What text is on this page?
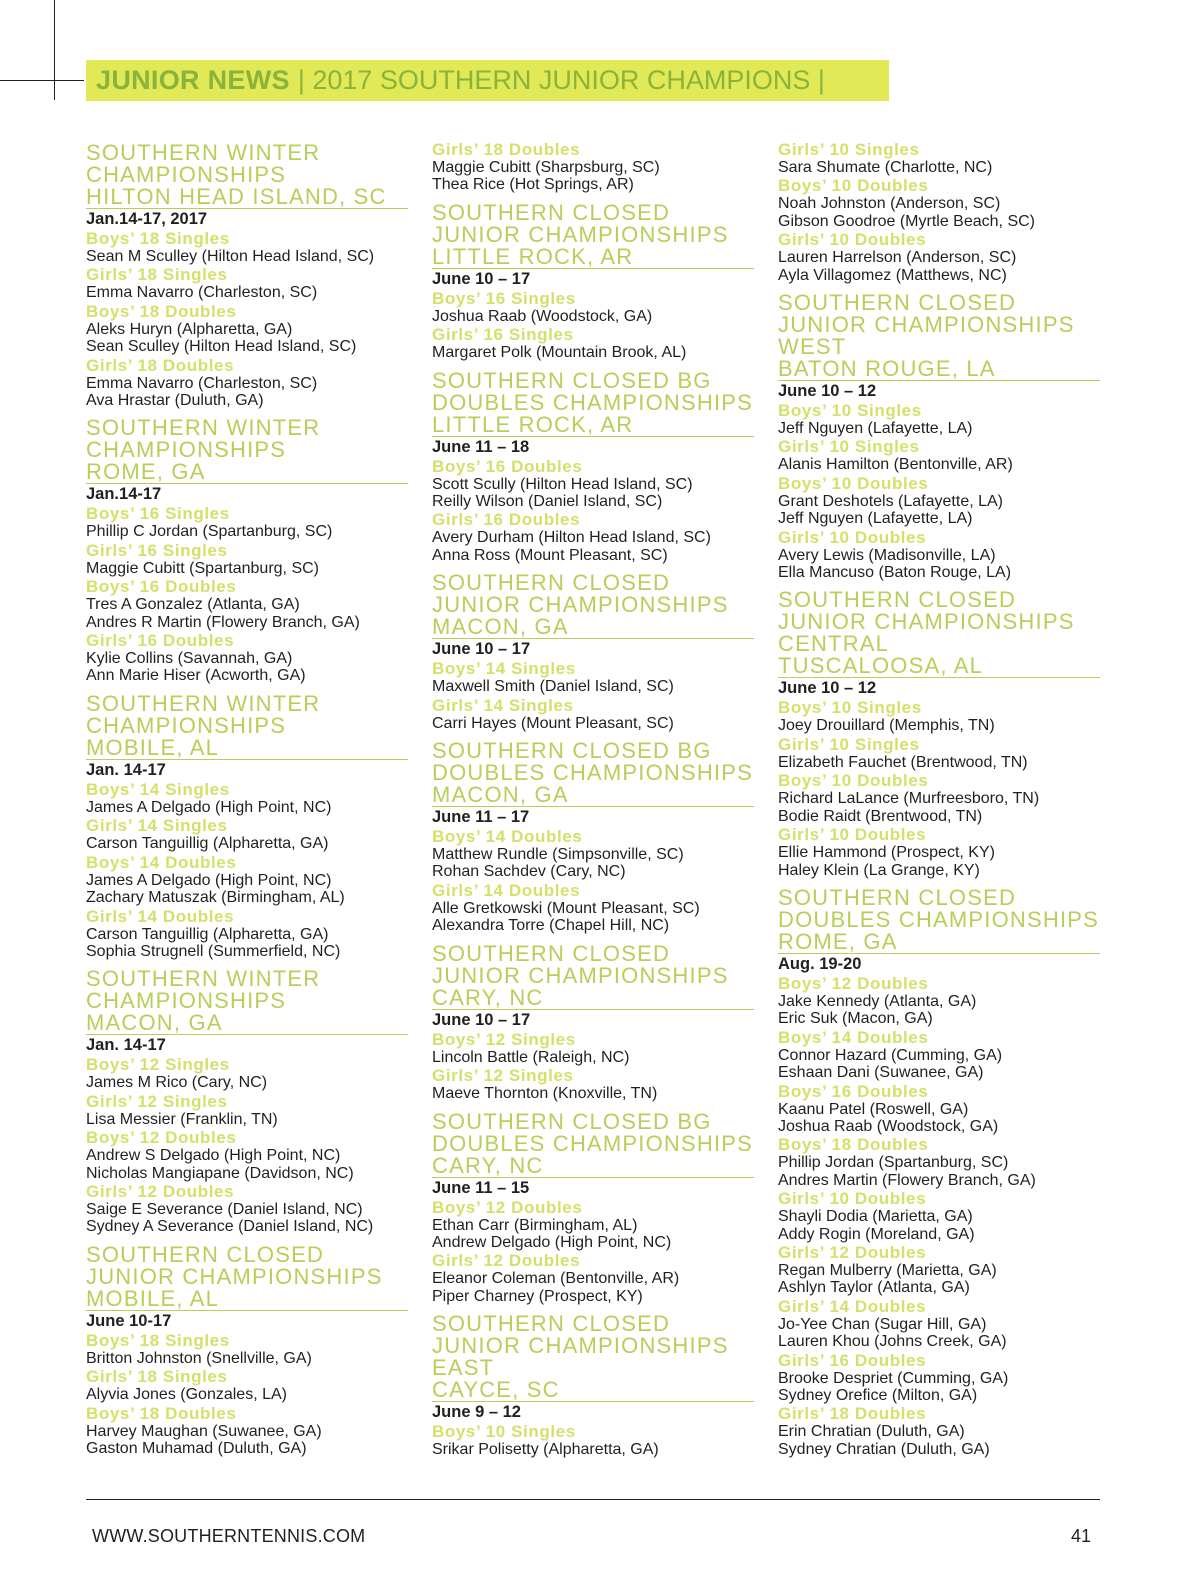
JUNIOR NEWS | 2017 SOUTHERN JUNIOR CHAMPIONS |
SOUTHERN WINTER
CHAMPIONSHIPS
HILTON HEAD ISLAND, SC
Jan.14-17, 2017
Boys’ 18 Singles
Sean M Sculley (Hilton Head Island, SC)
Girls’ 18 Singles
Emma Navarro (Charleston, SC)
Boys’ 18 Doubles
Aleks Huryn (Alpharetta, GA)
Sean Sculley (Hilton Head Island, SC)
Girls’ 18 Doubles
Emma Navarro (Charleston, SC)
Ava Hrastar (Duluth, GA)
SOUTHERN WINTER
CHAMPIONSHIPS
ROME, GA
Jan.14-17
Boys’ 16 Singles
Phillip C Jordan (Spartanburg, SC)
Girls’ 16 Singles
Maggie Cubitt (Spartanburg, SC)
Boys’ 16 Doubles
Tres A Gonzalez (Atlanta, GA)
Andres R Martin (Flowery Branch, GA)
Girls’ 16 Doubles
Kylie Collins (Savannah, GA)
Ann Marie Hiser (Acworth, GA)
SOUTHERN WINTER
CHAMPIONSHIPS
MOBILE, AL
Jan. 14-17
Boys’ 14 Singles
James A Delgado (High Point, NC)
Girls’ 14 Singles
Carson Tanguillig (Alpharetta, GA)
Boys’ 14 Doubles
James A Delgado (High Point, NC)
Zachary Matuszak (Birmingham, AL)
Girls’ 14 Doubles
Carson Tanguillig (Alpharetta, GA)
Sophia Strugnell (Summerfield, NC)
SOUTHERN WINTER
CHAMPIONSHIPS
MACON, GA
Jan. 14-17
Boys’ 12 Singles
James M Rico (Cary, NC)
Girls’ 12 Singles
Lisa Messier (Franklin, TN)
Boys’ 12 Doubles
Andrew S Delgado (High Point, NC)
Nicholas Mangiapane (Davidson, NC)
Girls’ 12 Doubles
Saige E Severance (Daniel Island, NC)
Sydney A Severance (Daniel Island, NC)
SOUTHERN CLOSED
JUNIOR CHAMPIONSHIPS
MOBILE, AL
June 10-17
Boys’ 18 Singles
Britton Johnston (Snellville, GA)
Girls’ 18 Singles
Alyvia Jones (Gonzales, LA)
Boys’ 18 Doubles
Harvey Maughan (Suwanee, GA)
Gaston Muhamad (Duluth, GA)
Girls’ 18 Doubles
Maggie Cubitt (Sharpsburg, SC)
Thea Rice (Hot Springs, AR)
SOUTHERN CLOSED
JUNIOR CHAMPIONSHIPS
LITTLE ROCK, AR
June 10 – 17
Boys’ 16 Singles
Joshua Raab (Woodstock, GA)
Girls’ 16 Singles
Margaret Polk (Mountain Brook, AL)
SOUTHERN CLOSED BG
DOUBLES CHAMPIONSHIPS
LITTLE ROCK, AR
June 11 – 18
Boys’ 16 Doubles
Scott Scully (Hilton Head Island, SC)
Reilly Wilson (Daniel Island, SC)
Girls’ 16 Doubles
Avery Durham (Hilton Head Island, SC)
Anna Ross (Mount Pleasant, SC)
SOUTHERN CLOSED
JUNIOR CHAMPIONSHIPS
MACON, GA
June 10 – 17
Boys’ 14 Singles
Maxwell Smith (Daniel Island, SC)
Girls’ 14 Singles
Carri Hayes (Mount Pleasant, SC)
SOUTHERN CLOSED BG
DOUBLES CHAMPIONSHIPS
MACON, GA
June 11 – 17
Boys’ 14 Doubles
Matthew Rundle (Simpsonville, SC)
Rohan Sachdev (Cary, NC)
Girls’ 14 Doubles
Alle Gretkowski (Mount Pleasant, SC)
Alexandra Torre (Chapel Hill, NC)
SOUTHERN CLOSED
JUNIOR CHAMPIONSHIPS
CARY, NC
June 10 – 17
Boys’ 12 Singles
Lincoln Battle (Raleigh, NC)
Girls’ 12 Singles
Maeve Thornton (Knoxville, TN)
SOUTHERN CLOSED BG
DOUBLES CHAMPIONSHIPS
CARY, NC
June 11 – 15
Boys’ 12 Doubles
Ethan Carr (Birmingham, AL)
Andrew Delgado (High Point, NC)
Girls’ 12 Doubles
Eleanor Coleman (Bentonville, AR)
Piper Charney (Prospect, KY)
SOUTHERN CLOSED
JUNIOR CHAMPIONSHIPS
EAST
CAYCE, SC
June 9 – 12
Boys’ 10 Singles
Srikar Polisetty (Alpharetta, GA)
Girls’ 10 Singles
Sara Shumate (Charlotte, NC)
Boys’ 10 Doubles
Noah Johnston (Anderson, SC)
Gibson Goodroe (Myrtle Beach, SC)
Girls’ 10 Doubles
Lauren Harrelson (Anderson, SC)
Ayla Villagomez (Matthews, NC)
SOUTHERN CLOSED
JUNIOR CHAMPIONSHIPS
WEST
BATON ROUGE, LA
June 10 – 12
Boys’ 10 Singles
Jeff Nguyen (Lafayette, LA)
Girls’ 10 Singles
Alanis Hamilton (Bentonville, AR)
Boys’ 10 Doubles
Grant Deshotels (Lafayette, LA)
Jeff Nguyen (Lafayette, LA)
Girls’ 10 Doubles
Avery Lewis (Madisonville, LA)
Ella Mancuso (Baton Rouge, LA)
SOUTHERN CLOSED
JUNIOR CHAMPIONSHIPS
CENTRAL
TUSCALOOSA, AL
June 10 – 12
Boys’ 10 Singles
Joey Drouillard (Memphis, TN)
Girls’ 10 Singles
Elizabeth Fauchet (Brentwood, TN)
Boys’ 10 Doubles
Richard LaLance (Murfreesboro, TN)
Bodie Raidt (Brentwood, TN)
Girls’ 10 Doubles
Ellie Hammond (Prospect, KY)
Haley Klein (La Grange, KY)
SOUTHERN CLOSED
DOUBLES CHAMPIONSHIPS
ROME, GA
Aug. 19-20
Boys’ 12 Doubles
Jake Kennedy (Atlanta, GA)
Eric Suk (Macon, GA)
Boys’ 14 Doubles
Connor Hazard (Cumming, GA)
Eshaan Dani (Suwanee, GA)
Boys’ 16 Doubles
Kaanu Patel (Roswell, GA)
Joshua Raab (Woodstock, GA)
Boys’ 18 Doubles
Phillip Jordan (Spartanburg, SC)
Andres Martin (Flowery Branch, GA)
Girls’ 10 Doubles
Shayli Dodia (Marietta, GA)
Addy Rogin (Moreland, GA)
Girls’ 12 Doubles
Regan Mulberry (Marietta, GA)
Ashlyn Taylor (Atlanta, GA)
Girls’ 14 Doubles
Jo-Yee Chan (Sugar Hill, GA)
Lauren Khou (Johns Creek, GA)
Girls’ 16 Doubles
Brooke Despriet (Cumming, GA)
Sydney Orefice (Milton, GA)
Girls’ 18 Doubles
Erin Chratian (Duluth, GA)
Sydney Chratian (Duluth, GA)
WWW.SOUTHERNTENNIS.COM	41
